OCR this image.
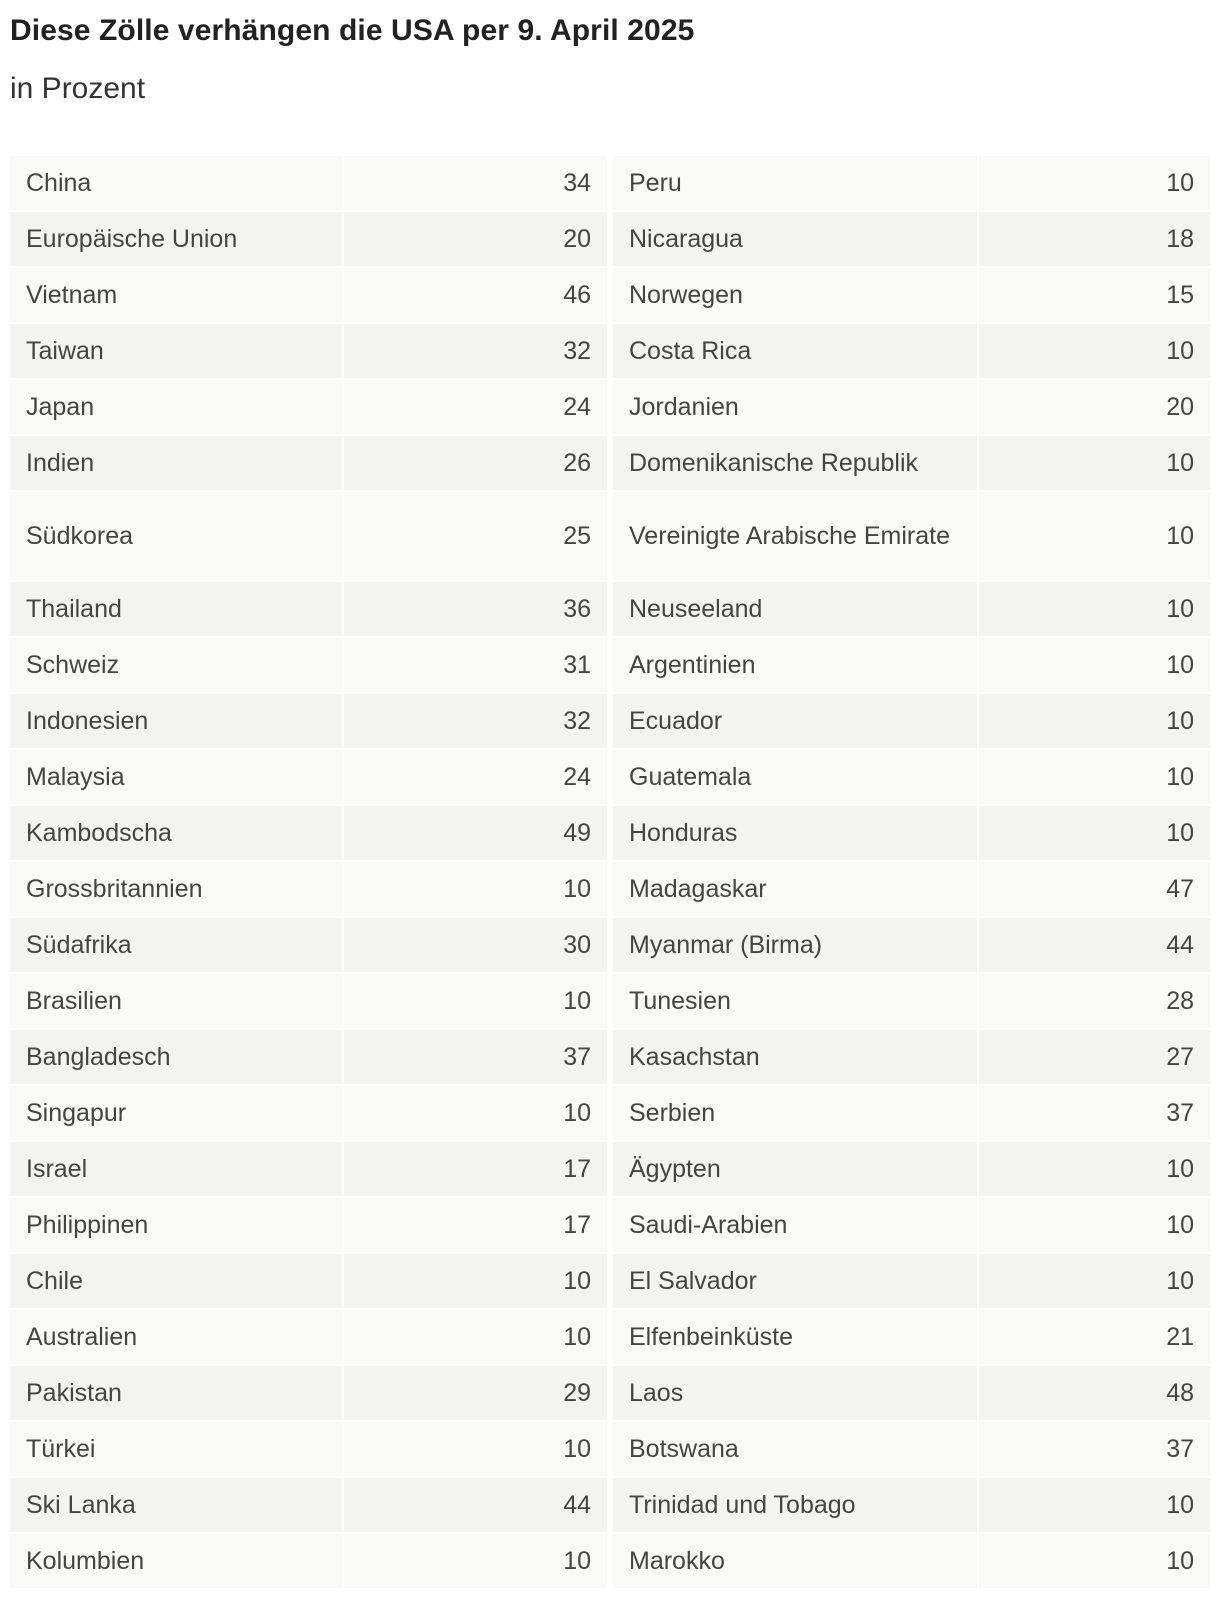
Diese Zölle verhängen die USA per 9. April 2025
in Prozent
China	34
Europäische Union	20
Vietnam	46
Taiwan	32
Japan	24
Indien	26
Südkorea	25
Thailand	36
Schweiz	31
Indonesien	32
Malaysia	24
Kambodscha	49
Grossbritannien	10
Südafrika	30
Brasilien	10
Bangladesch	37
Singapur	10
Israel	17
Philippinen	17
Chile	10
Australien	10
Pakistan	29
Türkei	10
Ski Lanka	44
Kolumbien	10
Peru	10
Nicaragua	18
Norwegen	15
Costa Rica	10
Jordanien	20
Domenikanische Republik	10
Vereinigte Arabische Emirate	10
Neuseeland	10
Argentinien	10
Ecuador	10
Guatemala	10
Honduras	10
Madagaskar	47
Myanmar (Birma)	44
Tunesien	28
Kasachstan	27
Serbien	37
Ägypten	10
Saudi-Arabien	10
El Salvador	10
Elfenbeinküste	21
Laos	48
Botswana	37
Trinidad und Tobago	10
Marokko	10
